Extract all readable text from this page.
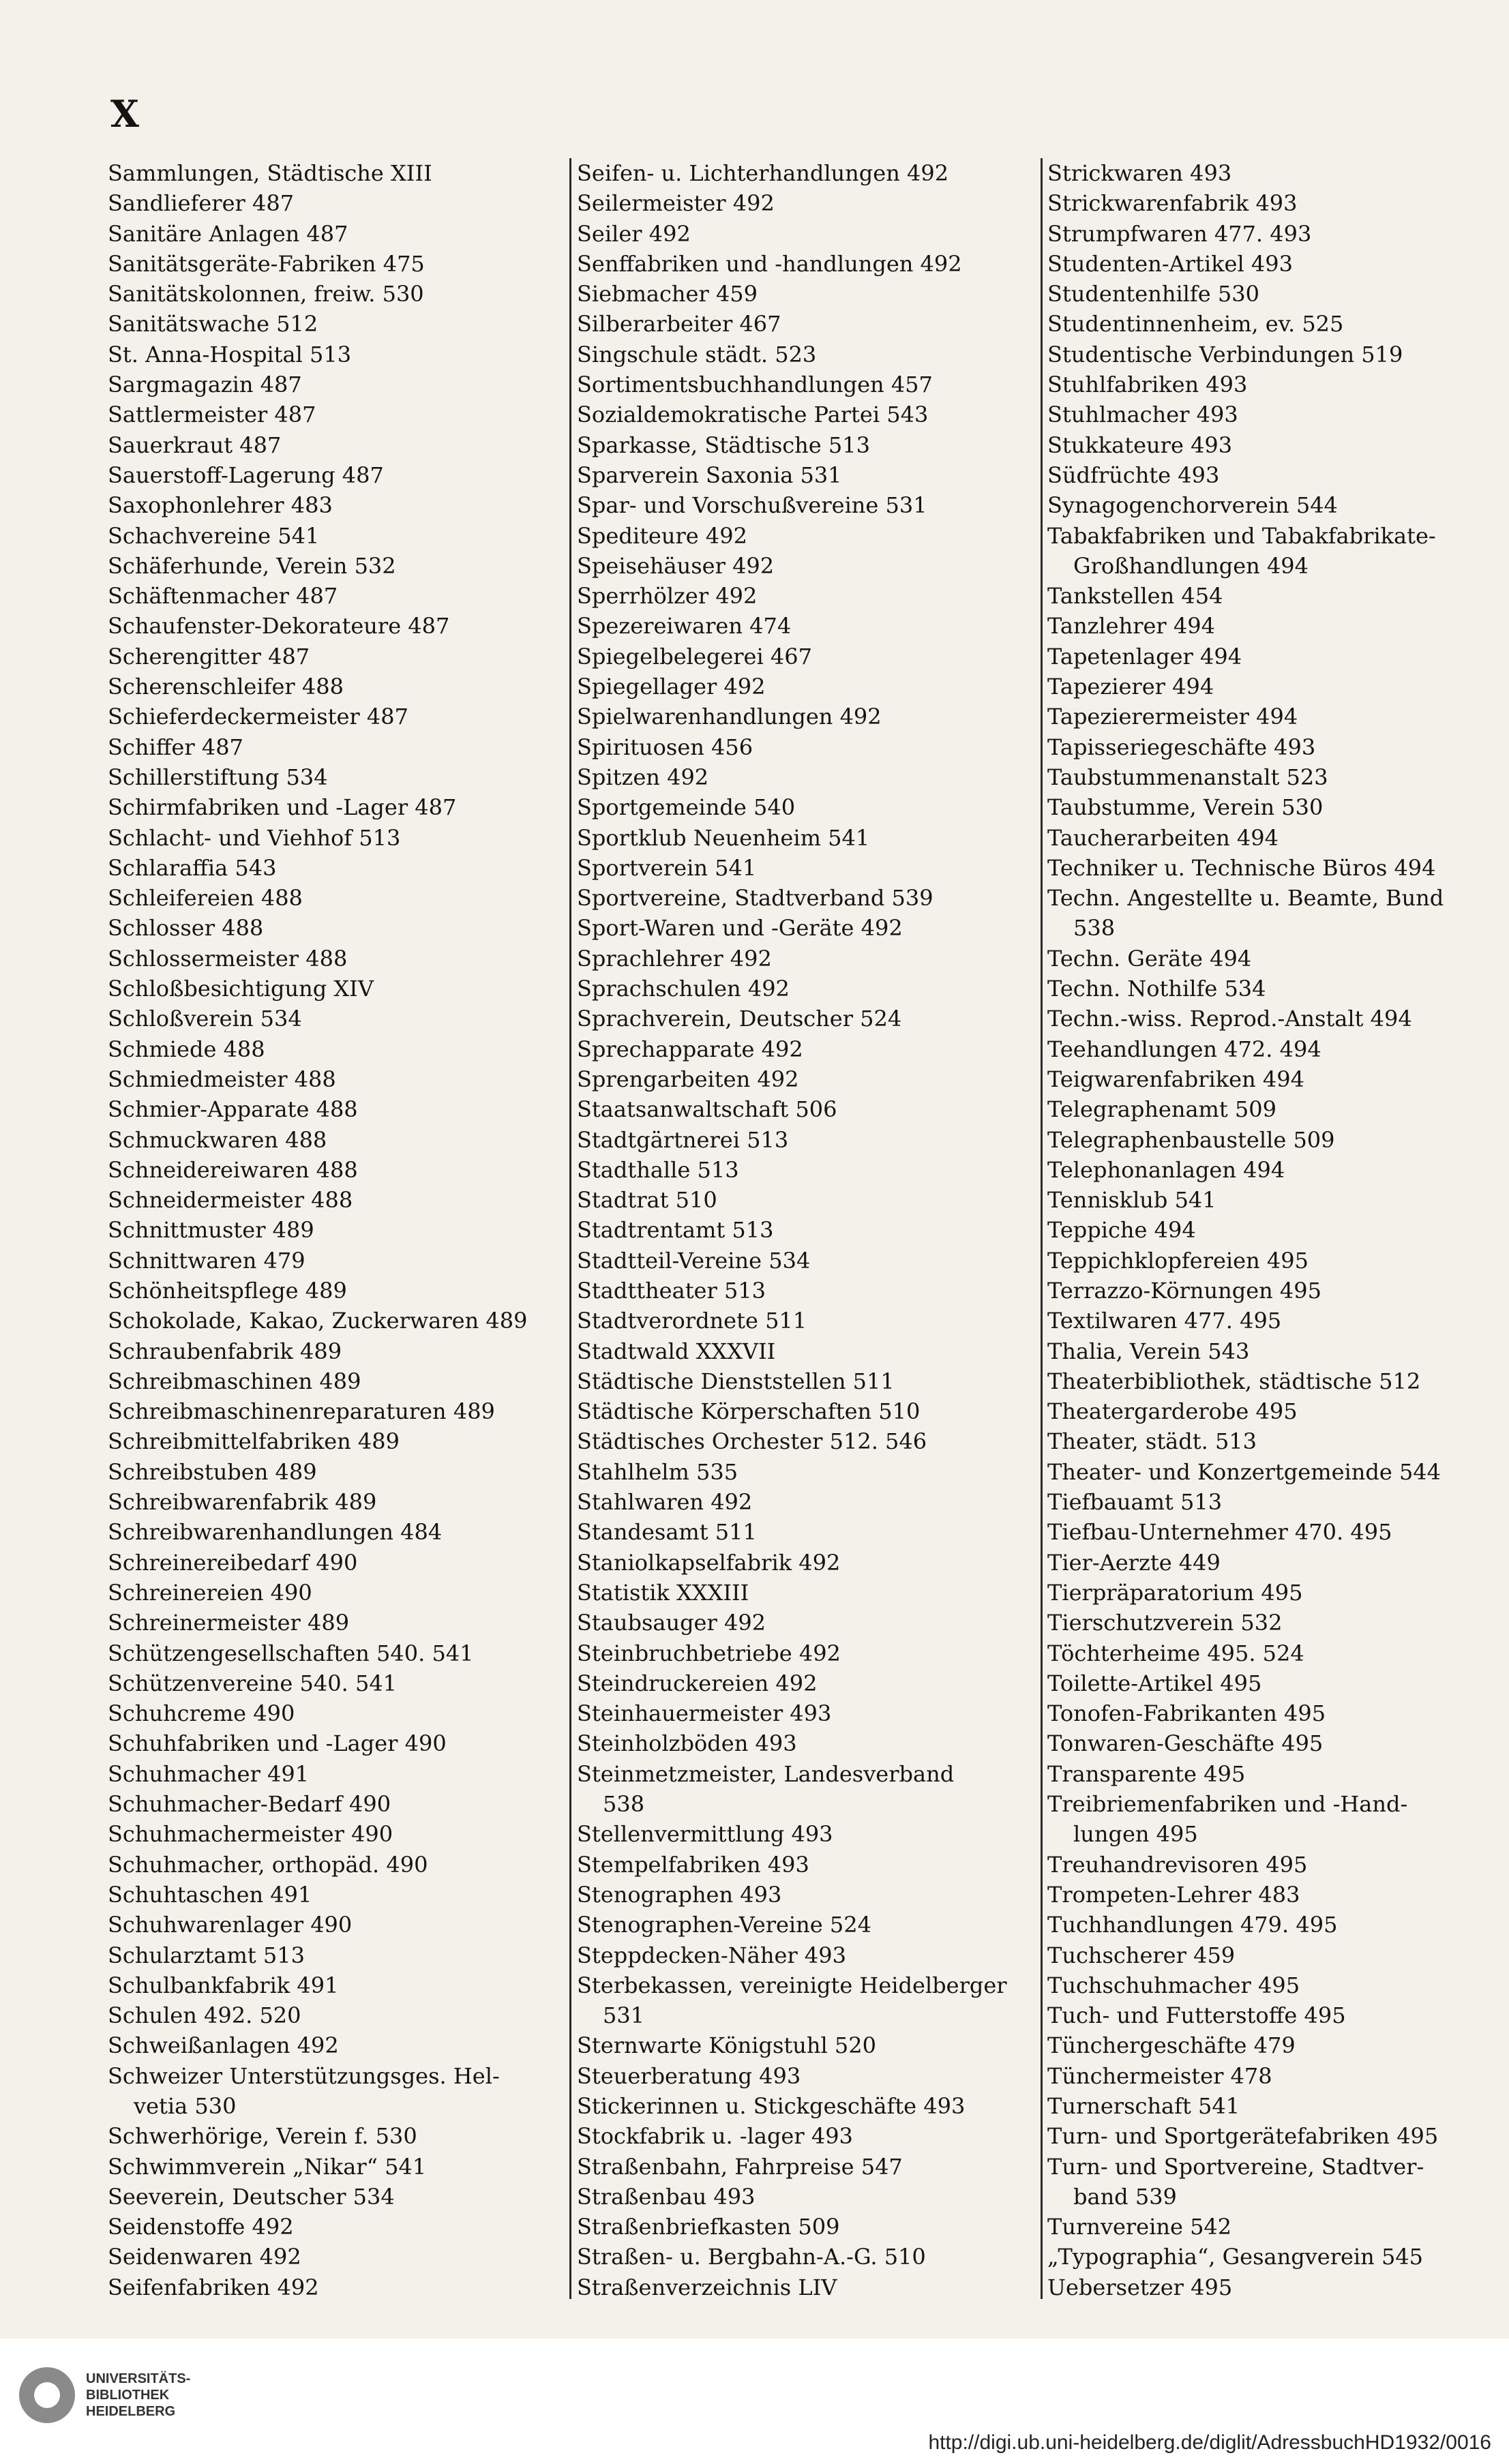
X
Sammlungen, Städtische XIII
Sandlieferer 487
Sanitäre Anlagen 487
Sanitätsgeräte-Fabriken 475
Sanitätskolonnen, freiw. 530
Sanitätswache 512
St. Anna-Hospital 513
Sargmagazin 487
Sattlermeister 487
Sauerkraut 487
Sauerstoff-Lagerung 487
Saxophonlehrer 483
Schachvereine 541
Schäferhunde, Verein 532
Schäftenmacher 487
Schaufenster-Dekorateure 487
Scherengitter 487
Scherenschleifer 488
Schieferdeckermeister 487
Schiffer 487
Schillerstiftung 534
Schirmfabriken und -Lager 487
Schlacht- und Viehhof 513
Schlaraffia 543
Schleifereien 488
Schlosser 488
Schlossermeister 488
Schloßbesichtigung XIV
Schloßverein 534
Schmiede 488
Schmiedmeister 488
Schmier-Apparate 488
Schmuckwaren 488
Schneidereiwaren 488
Schneidermeister 488
Schnittmuster 489
Schnittwaren 479
Schönheitspflege 489
Schokolade, Kakao, Zuckerwaren 489
Schraubenfabrik 489
Schreibmaschinen 489
Schreibmaschinenreparaturen 489
Schreibmittelfabriken 489
Schreibstuben 489
Schreibwarenfabrik 489
Schreibwarenhandlungen 484
Schreinereibedarf 490
Schreinereien 490
Schreinermeister 489
Schützengesellschaften 540. 541
Schützenvereine 540. 541
Schuhcreme 490
Schuhfabriken und -Lager 490
Schuhmacher 491
Schuhmacher-Bedarf 490
Schuhmachermeister 490
Schuhmacher, orthopäd. 490
Schuhtaschen 491
Schuhwarenlager 490
Schularztamt 513
Schulbankfabrik 491
Schulen 492. 520
Schweißanlagen 492
Schweizer Unterstützungsges. Hel-
vetia 530
Schwerhörige, Verein f. 530
Schwimmverein „Nikar“ 541
Seeverein, Deutscher 534
Seidenstoffe 492
Seidenwaren 492
Seifenfabriken 492
Seifen- u. Lichterhandlungen 492
Seilermeister 492
Seiler 492
Senffabriken und -handlungen 492
Siebmacher 459
Silberarbeiter 467
Singschule städt. 523
Sortimentsbuchhandlungen 457
Sozialdemokratische Partei 543
Sparkasse, Städtische 513
Sparverein Saxonia 531
Spar- und Vorschußvereine 531
Spediteure 492
Speisehäuser 492
Sperrhölzer 492
Spezereiwaren 474
Spiegelbelegerei 467
Spiegellager 492
Spielwarenhandlungen 492
Spirituosen 456
Spitzen 492
Sportgemeinde 540
Sportklub Neuenheim 541
Sportverein 541
Sportvereine, Stadtverband 539
Sport-Waren und -Geräte 492
Sprachlehrer 492
Sprachschulen 492
Sprachverein, Deutscher 524
Sprechapparate 492
Sprengarbeiten 492
Staatsanwaltschaft 506
Stadtgärtnerei 513
Stadthalle 513
Stadtrat 510
Stadtrentamt 513
Stadtteil-Vereine 534
Stadttheater 513
Stadtverordnete 511
Stadtwald XXXVII
Städtische Dienststellen 511
Städtische Körperschaften 510
Städtisches Orchester 512. 546
Stahlhelm 535
Stahlwaren 492
Standesamt 511
Staniolkapselfabrik 492
Statistik XXXIII
Staubsauger 492
Steinbruchbetriebe 492
Steindruckereien 492
Steinhauermeister 493
Steinholzböden 493
Steinmetzmeister, Landesverband
538
Stellenvermittlung 493
Stempelfabriken 493
Stenographen 493
Stenographen-Vereine 524
Steppdecken-Näher 493
Sterbekassen, vereinigte Heidelberger
531
Sternwarte Königstuhl 520
Steuerberatung 493
Stickerinnen u. Stickgeschäfte 493
Stockfabrik u. -lager 493
Straßenbahn, Fahrpreise 547
Straßenbau 493
Straßenbriefkasten 509
Straßen- u. Bergbahn-A.-G. 510
Straßenverzeichnis LIV
Strickwaren 493
Strickwarenfabrik 493
Strumpfwaren 477. 493
Studenten-Artikel 493
Studentenhilfe 530
Studentinnenheim, ev. 525
Studentische Verbindungen 519
Stuhlfabriken 493
Stuhlmacher 493
Stukkateure 493
Südfrüchte 493
Synagogenchorverein 544
Tabakfabriken und Tabakfabrikate-
Großhandlungen 494
Tankstellen 454
Tanzlehrer 494
Tapetenlager 494
Tapezierer 494
Tapezierermeister 494
Tapisseriegeschäfte 493
Taubstummenanstalt 523
Taubstumme, Verein 530
Taucherarbeiten 494
Techniker u. Technische Büros 494
Techn. Angestellte u. Beamte, Bund
538
Techn. Geräte 494
Techn. Nothilfe 534
Techn.-wiss. Reprod.-Anstalt 494
Teehandlungen 472. 494
Teigwarenfabriken 494
Telegraphenamt 509
Telegraphenbaustelle 509
Telephonanlagen 494
Tennisklub 541
Teppiche 494
Teppichklopfereien 495
Terrazzo-Körnungen 495
Textilwaren 477. 495
Thalia, Verein 543
Theaterbibliothek, städtische 512
Theatergarderobe 495
Theater, städt. 513
Theater- und Konzertgemeinde 544
Tiefbauamt 513
Tiefbau-Unternehmer 470. 495
Tier-Aerzte 449
Tierpräparatorium 495
Tierschutzverein 532
Töchterheime 495. 524
Toilette-Artikel 495
Tonofen-Fabrikanten 495
Tonwaren-Geschäfte 495
Transparente 495
Treibriemenfabriken und -Hand-
lungen 495
Treuhandrevisoren 495
Trompeten-Lehrer 483
Tuchhandlungen 479. 495
Tuchscherer 459
Tuchschuhmacher 495
Tuch- und Futterstoffe 495
Tünchergeschäfte 479
Tünchermeister 478
Turnerschaft 541
Turn- und Sportgerätefabriken 495
Turn- und Sportvereine, Stadtver-
band 539
Turnvereine 542
„Typographia“, Gesangverein 545
Uebersetzer 495
UNIVERSITÄTS-
BIBLIOTHEK
HEIDELBERG
http://digi.ub.uni-heidelberg.de/diglit/AdressbuchHD1932/0016
